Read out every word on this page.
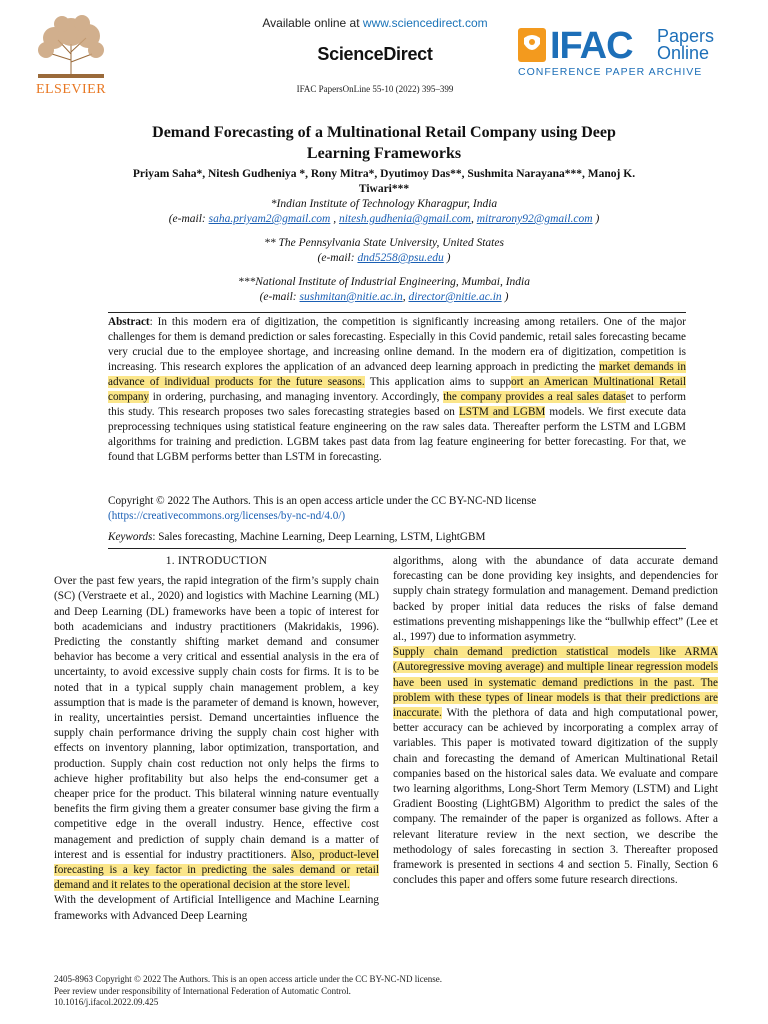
ELSEVIER
Available online at www.sciencedirect.com
ScienceDirect
IFAC PapersOnLine 55-10 (2022) 395–399
IFAC Papers
Online
CONFERENCE PAPER ARCHIVE
Demand Forecasting of a Multinational Retail Company using Deep Learning Frameworks
Priyam Saha*, Nitesh Gudheniya *, Rony Mitra*, Dyutimoy Das**, Sushmita Narayana***, Manoj K. Tiwari***
*Indian Institute of Technology Kharagpur, India
(e-mail: saha.priyam2@gmail.com , nitesh.gudhenia@gmail.com, mitrarony92@gmail.com )
** The Pennsylvania State University, United States
(e-mail: dnd5258@psu.edu )
***National Institute of Industrial Engineering, Mumbai, India
(e-mail: sushmitan@nitie.ac.in, director@nitie.ac.in )
Abstract: In this modern era of digitization, the competition is significantly increasing among retailers. One of the major challenges for them is demand prediction or sales forecasting. Especially in this Covid pandemic, retail sales forecasting became very crucial due to the employee shortage, and increasing online demand. In the modern era of digitization, competition is increasing. This research explores the application of an advanced deep learning approach in predicting the market demands in advance of individual products for the future seasons. This application aims to support an American Multinational Retail company in ordering, purchasing, and managing inventory. Accordingly, the company provides a real sales dataset to perform this study. This research proposes two sales forecasting strategies based on LSTM and LGBM models. We first execute data preprocessing techniques using statistical feature engineering on the raw sales data. Thereafter perform the LSTM and LGBM algorithms for training and prediction. LGBM takes past data from lag feature engineering for better forecasting. For that, we found that LGBM performs better than LSTM in forecasting.
Copyright © 2022 The Authors. This is an open access article under the CC BY-NC-ND license
(https://creativecommons.org/licenses/by-nc-nd/4.0/)
Keywords: Sales forecasting, Machine Learning, Deep Learning, LSTM, LightGBM
1. INTRODUCTION
Over the past few years, the rapid integration of the firm’s supply chain (SC) (Verstraete et al., 2020) and logistics with Machine Learning (ML) and Deep Learning (DL) frameworks have been a topic of interest for both academicians and industry practitioners (Makridakis, 1996). Predicting the constantly shifting market demand and consumer behavior has become a very critical and essential analysis in the era of uncertainty, to avoid excessive supply chain costs for firms. It is to be noted that in a typical supply chain management problem, a key assumption that is made is the parameter of demand is known, however, in reality, uncertainties persist. Demand uncertainties influence the supply chain performance driving the supply chain cost higher with effects on inventory planning, labor optimization, transportation, and production. Supply chain cost reduction not only helps the firms to achieve higher profitability but also helps the end-consumer get a cheaper price for the product. This bilateral winning nature eventually benefits the firm giving them a greater consumer base giving the firm a competitive edge in the overall industry. Hence, effective cost management and prediction of supply chain demand is a matter of interest and is essential for industry practitioners. Also, product-level forecasting is a key factor in predicting the sales demand or retail demand and it relates to the operational decision at the store level.
With the development of Artificial Intelligence and Machine Learning frameworks with Advanced Deep Learning
algorithms, along with the abundance of data accurate demand forecasting can be done providing key insights, and dependencies for supply chain strategy formulation and management. Demand prediction backed by proper initial data reduces the risks of false demand estimations preventing mishappenings like the “bullwhip effect” (Lee et al., 1997) due to information asymmetry.
Supply chain demand prediction statistical models like ARMA (Autoregressive moving average) and multiple linear regression models have been used in systematic demand predictions in the past. The problem with these types of linear models is that their predictions are inaccurate. With the plethora of data and high computational power, better accuracy can be achieved by incorporating a complex array of variables. This paper is motivated toward digitization of the supply chain and forecasting the demand of American Multinational Retail companies based on the historical sales data. We evaluate and compare two learning algorithms, Long-Short Term Memory (LSTM) and Light Gradient Boosting (LightGBM) Algorithm to predict the sales of the company. The remainder of the paper is organized as follows. After a relevant literature review in the next section, we describe the methodology of sales forecasting in section 3. Thereafter proposed framework is presented in sections 4 and section 5. Finally, Section 6 concludes this paper and offers some future research directions.
2405-8963 Copyright © 2022 The Authors. This is an open access article under the CC BY-NC-ND license.
Peer review under responsibility of International Federation of Automatic Control.
10.1016/j.ifacol.2022.09.425
